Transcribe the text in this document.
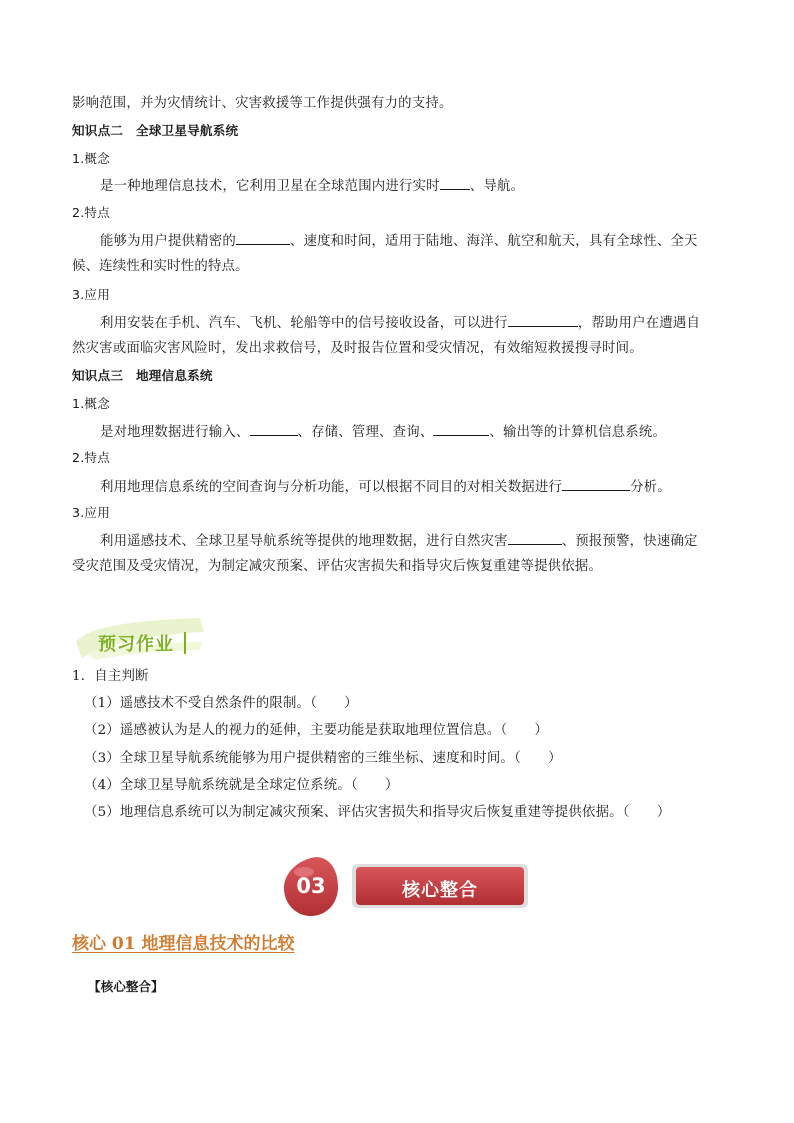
影响范围，并为灾情统计、灾害救援等工作提供强有力的支持。
知识点二　全球卫星导航系统
1.概念
是一种地理信息技术，它利用卫星在全球范围内进行实时 、导航。
2.特点
能够为用户提供精密的	、速度和时间，适用于陆地、海洋、航空和航天，具有全球性、全天
候、连续性和实时性的特点。
3.应用
利用安装在手机、汽车、飞机、轮船等中的信号接收设备，可以进行	，帮助用户在遭遇自
然灾害或面临灾害风险时，发出求救信号，及时报告位置和受灾情况，有效缩短救援搜寻时间。
知识点三　地理信息系统
1.概念
是对地理数据进行输入、	、存储、管理、查询、	、输出等的计算机信息系统。
2.特点
利用地理信息系统的空间查询与分析功能，可以根据不同目的对相关数据进行	分析。
3.应用
利用遥感技术、全球卫星导航系统等提供的地理数据，进行自然灾害	、预报预警，快速确定
受灾范围及受灾情况，为制定减灾预案、评估灾害损失和指导灾后恢复重建等提供依据。
预习作业
1．自主判断
（1）遥感技术不受自然条件的限制。（　　）
（2）遥感被认为是人的视力的延伸，主要功能是获取地理位置信息。（　　）
（3）全球卫星导航系统能够为用户提供精密的三维坐标、速度和时间。（　　）
（4）全球卫星导航系统就是全球定位系统。（　　）
（5）地理信息系统可以为制定减灾预案、评估灾害损失和指导灾后恢复重建等提供依据。（　　）
03	核心整合
核心 01 地理信息技术的比较
【核心整合】
